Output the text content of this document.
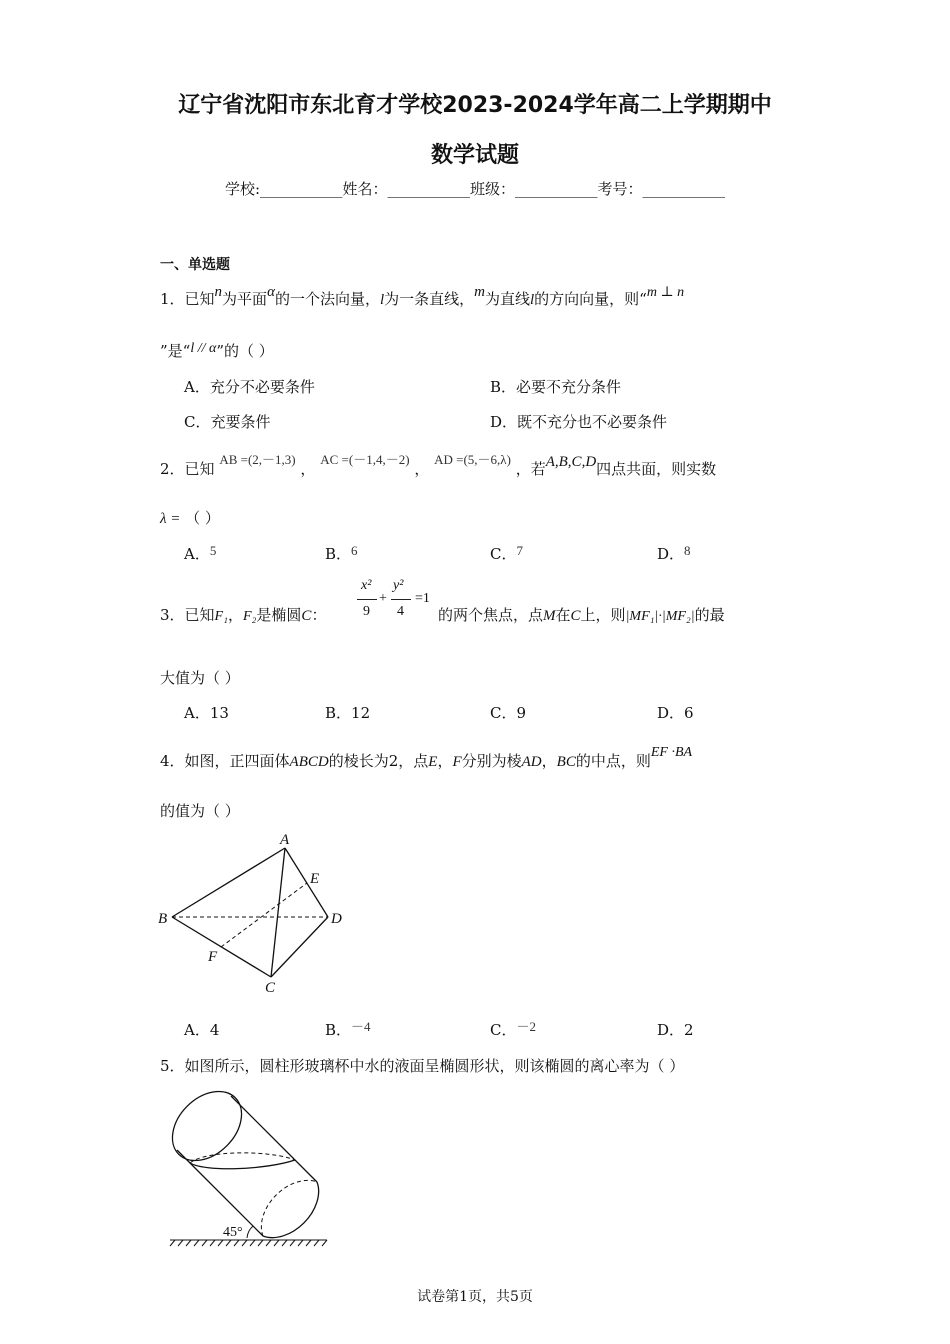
辽宁省沈阳市东北育才学校2023-2024学年高二上学期期中
数学试题
学校:___________姓名：___________班级：___________考号：___________
一、单选题
1．已知n为平面α的一个法向量，l为一条直线，m为直线l的方向向量，则“m ⊥ n
”是“l // α”的（ ）
A．充分不必要条件	B．必要不充分条件
C．充要条件	D．既不充分也不必要条件
2．已知 AB =(2,－1,3) ， AC =(－1,4,－2) ， AD =(5,－6,λ) ，若A,B,C,D四点共面，则实数
λ = （ ）
A．5	B．6	C．7	D．8
3．已知F₁，F₂是椭圆C：
x²
9
+
y²
4
=1
的两个焦点，点M在C上，则|MF₁|·|MF₂|的最
大值为（ ）
A．13	B．12	C．9	D．6
4．如图，正四面体ABCD的棱长为2，点E，F分别为棱AD，BC的中点，则EF ·BA
的值为（ ）
A
B
C
D
E
F
A．4	B．－4	C．－2	D．2
5．如图所示，圆柱形玻璃杯中水的液面呈椭圆形状，则该椭圆的离心率为（ ）
45°
试卷第1页，共5页
